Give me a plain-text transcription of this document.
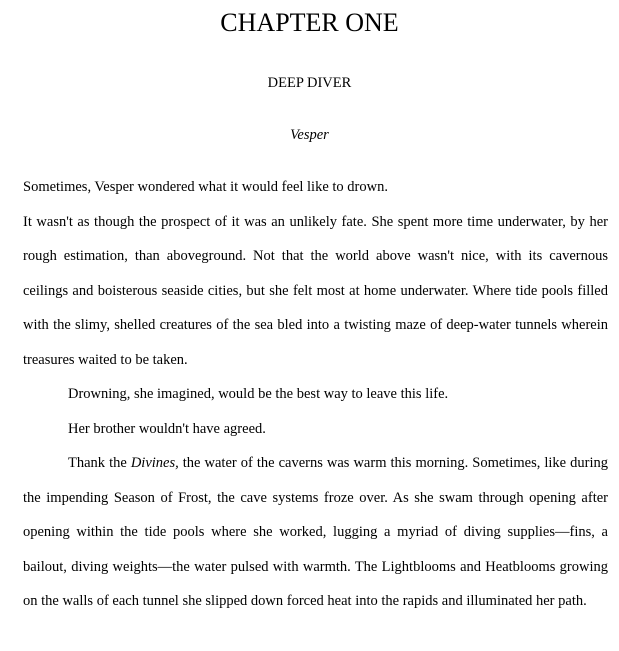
CHAPTER ONE

DEEP DIVER

Vesper

Sometimes, Vesper wondered what it would feel like to drown.

It wasn't as though the prospect of it was an unlikely fate. She spent more time underwater, by her rough estimation, than aboveground. Not that the world above wasn't nice, with its cavernous ceilings and boisterous seaside cities, but she felt most at home underwater. Where tide pools filled with the slimy, shelled creatures of the sea bled into a twisting maze of deep-water tunnels wherein treasures waited to be taken.

Drowning, she imagined, would be the best way to leave this life.

Her brother wouldn't have agreed.

Thank the Divines, the water of the caverns was warm this morning. Sometimes, like during the impending Season of Frost, the cave systems froze over. As she swam through opening after opening within the tide pools where she worked, lugging a myriad of diving supplies—fins, a bailout, diving weights—the water pulsed with warmth. The Lightblooms and Heatblooms growing on the walls of each tunnel she slipped down forced heat into the rapids and illuminated her path.
